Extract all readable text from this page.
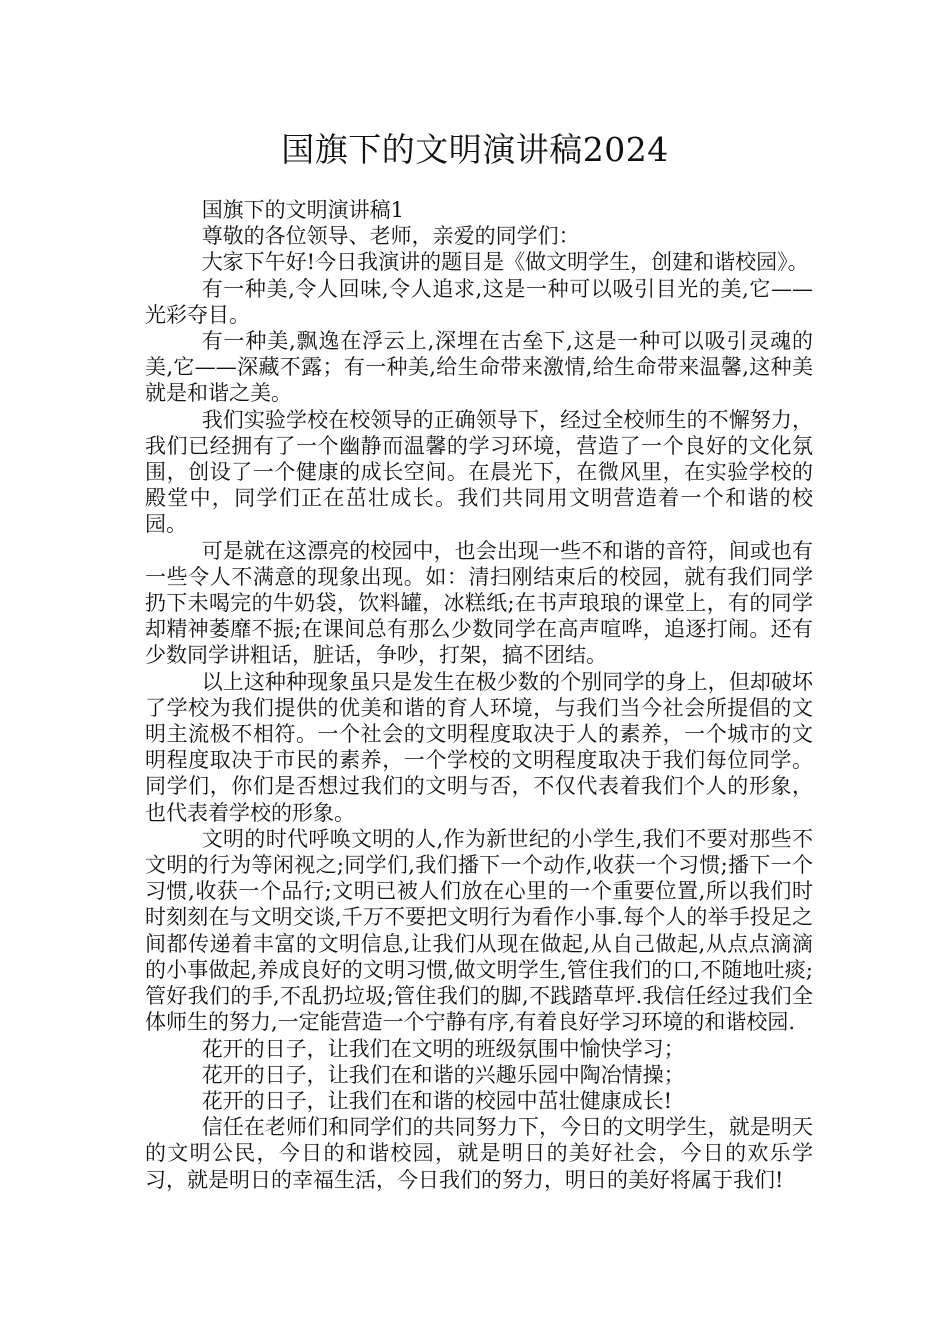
国旗下的文明演讲稿2024

国旗下的文明演讲稿1

尊敬的各位领导、老师，亲爱的同学们：

大家下午好!今日我演讲的题目是《做文明学生，创建和谐校园》。

有一种美,令人回味,令人追求,这是一种可以吸引目光的美,它——光彩夺目。

有一种美,飘逸在浮云上,深埋在古垒下,这是一种可以吸引灵魂的美,它——深藏不露；有一种美,给生命带来激情,给生命带来温馨,这种美就是和谐之美。

我们实验学校在校领导的正确领导下，经过全校师生的不懈努力，我们已经拥有了一个幽静而温馨的学习环境，营造了一个良好的文化氛围，创设了一个健康的成长空间。在晨光下，在微风里，在实验学校的殿堂中，同学们正在茁壮成长。我们共同用文明营造着一个和谐的校园。

可是就在这漂亮的校园中，也会出现一些不和谐的音符，间或也有一些令人不满意的现象出现。如：清扫刚结束后的校园，就有我们同学扔下未喝完的牛奶袋，饮料罐，冰糕纸;在书声琅琅的课堂上，有的同学却精神萎靡不振;在课间总有那么少数同学在高声喧哗，追逐打闹。还有少数同学讲粗话，脏话，争吵，打架，搞不团结。

以上这种种现象虽只是发生在极少数的个别同学的身上，但却破坏了学校为我们提供的优美和谐的育人环境，与我们当今社会所提倡的文明主流极不相符。一个社会的文明程度取决于人的素养，一个城市的文明程度取决于市民的素养，一个学校的文明程度取决于我们每位同学。同学们，你们是否想过我们的文明与否，不仅代表着我们个人的形象，也代表着学校的形象。

文明的时代呼唤文明的人,作为新世纪的小学生,我们不要对那些不文明的行为等闲视之;同学们,我们播下一个动作,收获一个习惯;播下一个习惯,收获一个品行;文明已被人们放在心里的一个重要位置,所以我们时时刻刻在与文明交谈,千万不要把文明行为看作小事.每个人的举手投足之间都传递着丰富的文明信息,让我们从现在做起,从自己做起,从点点滴滴的小事做起,养成良好的文明习惯,做文明学生,管住我们的口,不随地吐痰;管好我们的手,不乱扔垃圾;管住我们的脚,不践踏草坪.我信任经过我们全体师生的努力,一定能营造一个宁静有序,有着良好学习环境的和谐校园.

花开的日子，让我们在文明的班级氛围中愉快学习；

花开的日子，让我们在和谐的兴趣乐园中陶冶情操；

花开的日子，让我们在和谐的校园中茁壮健康成长!

信任在老师们和同学们的共同努力下，今日的文明学生，就是明天的文明公民，今日的和谐校园，就是明日的美好社会，今日的欢乐学习，就是明日的幸福生活，今日我们的努力，明日的美好将属于我们!
